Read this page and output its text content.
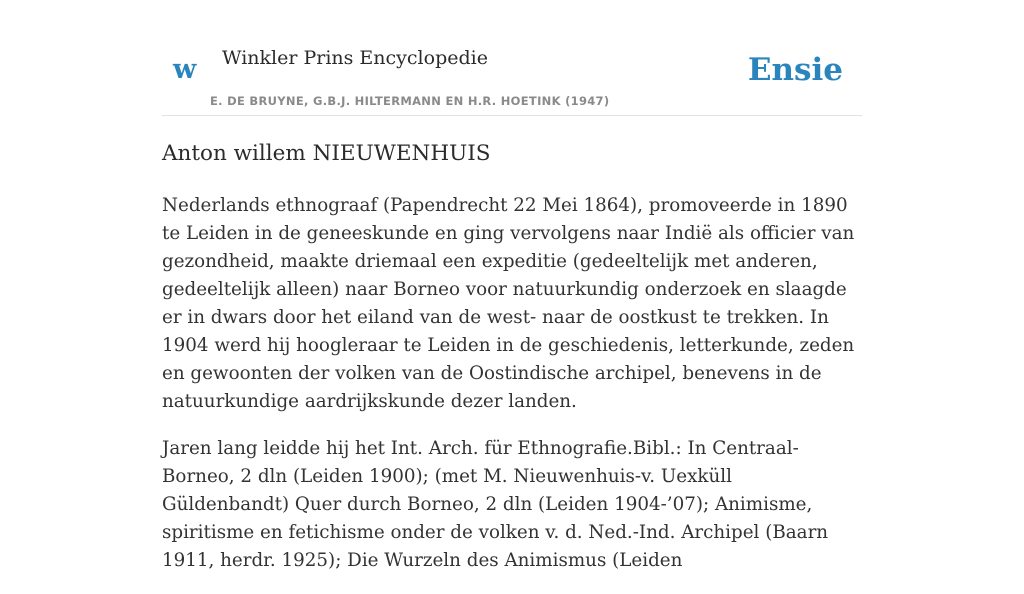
w Winkler Prins Encyclopedie
E. DE BRUYNE, G.B.J. HILTERMANN EN H.R. HOETINK (1947)
Ensie
Anton willem NIEUWENHUIS

Nederlands ethnograaf (Papendrecht 22 Mei 1864), promoveerde in 1890 te Leiden in de geneeskunde en ging vervolgens naar Indië als officier van gezondheid, maakte driemaal een expeditie (gedeeltelijk met anderen, gedeeltelijk alleen) naar Borneo voor natuurkundig onderzoek en slaagde er in dwars door het eiland van de west- naar de oostkust te trekken. In 1904 werd hij hoogleraar te Leiden in de geschiedenis, letterkunde, zeden en gewoonten der volken van de Oostindische archipel, benevens in de natuurkundige aardrijkskunde dezer landen.

Jaren lang leidde hij het Int. Arch. für Ethnografie.Bibl.: In Centraal-Borneo, 2 dln (Leiden 1900); (met M. Nieuwenhuis-v. Uexküll Güldenbandt) Quer durch Borneo, 2 dln (Leiden 1904-’07); Animisme, spiritisme en fetichisme onder de volken v. d. Ned.-Ind. Archipel (Baarn 1911, herdr. 1925); Die Wurzeln des Animismus (Leiden
